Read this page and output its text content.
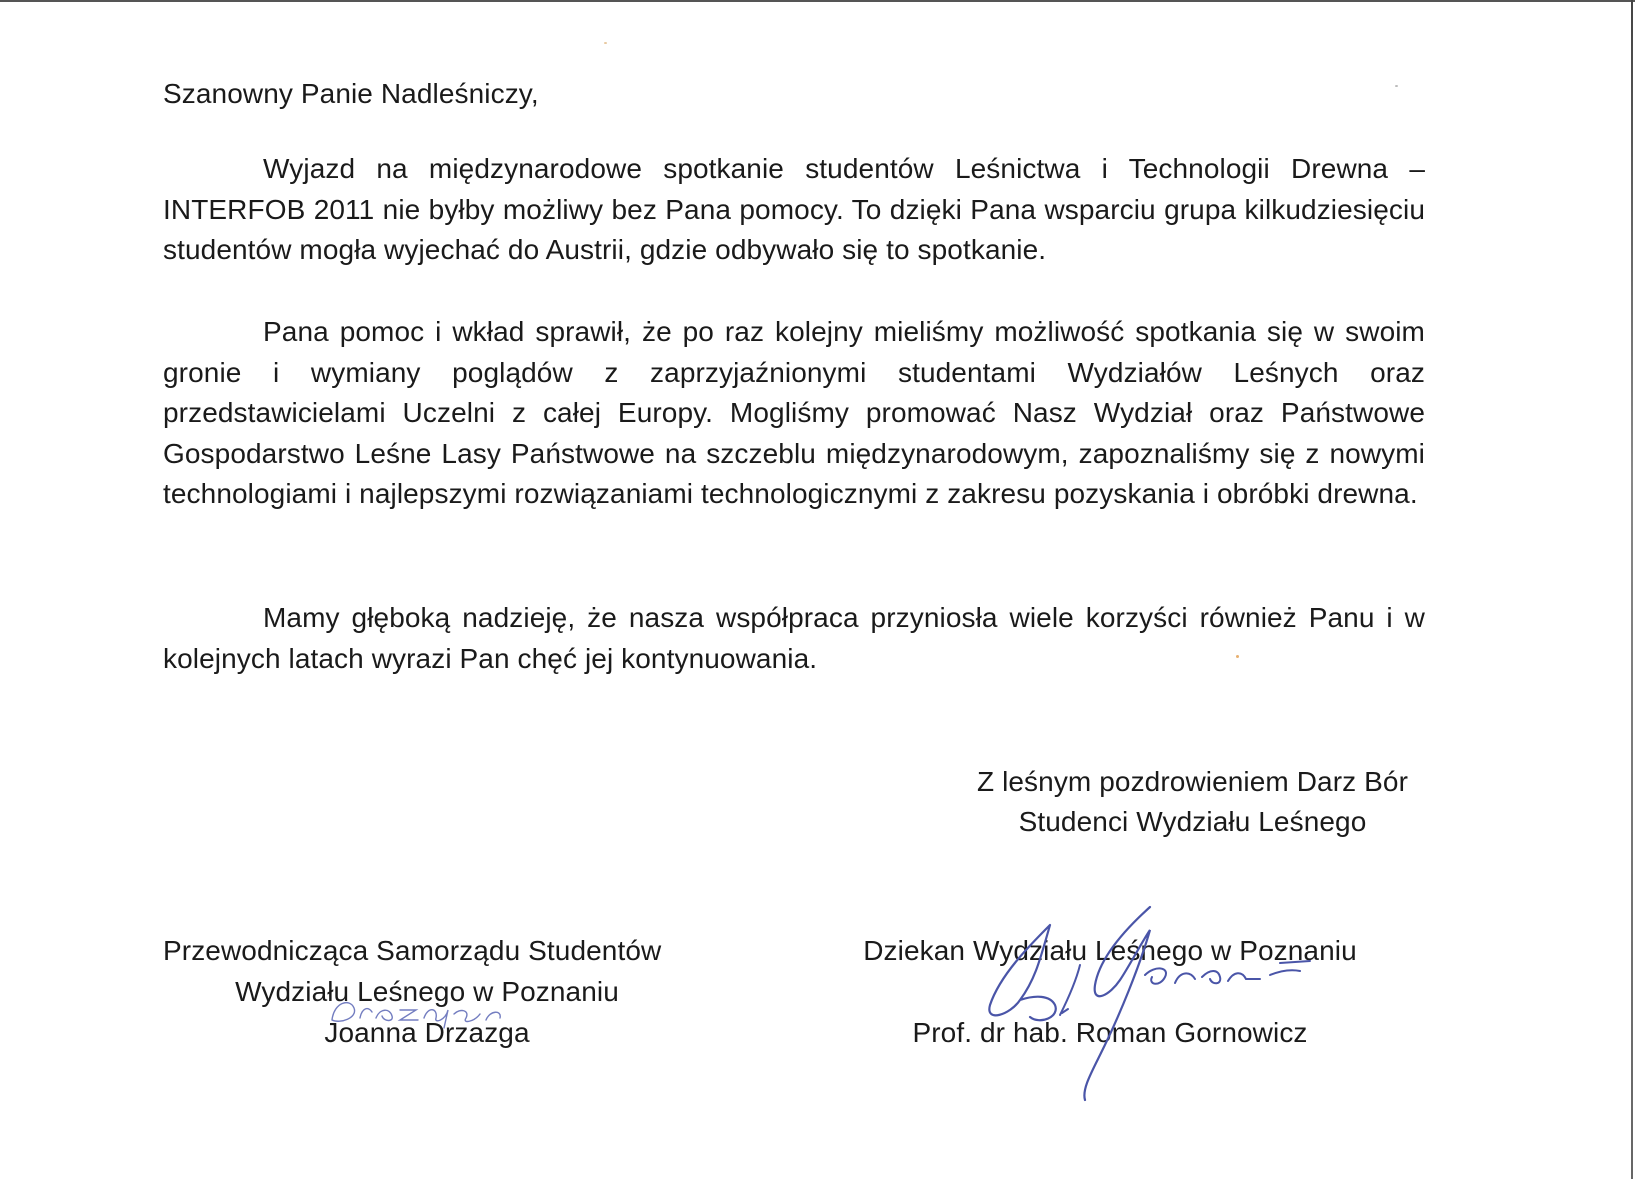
Szanowny Panie Nadleśniczy,

Wyjazd na międzynarodowe spotkanie studentów Leśnictwa i Technologii Drewna – INTERFOB 2011 nie byłby możliwy bez Pana pomocy. To dzięki Pana wsparciu grupa kilkudziesięciu studentów mogła wyjechać do Austrii, gdzie odbywało się to spotkanie.

Pana pomoc i wkład sprawił, że po raz kolejny mieliśmy możliwość spotkania się w swoim gronie i wymiany poglądów z zaprzyjaźnionymi studentami Wydziałów Leśnych oraz przedstawicielami Uczelni z całej Europy. Mogliśmy promować Nasz Wydział oraz Państwowe Gospodarstwo Leśne Lasy Państwowe na szczeblu międzynarodowym, zapoznaliśmy się z nowymi technologiami i najlepszymi rozwiązaniami technologicznymi z zakresu pozyskania i obróbki drewna.

Mamy głęboką nadzieję, że nasza współpraca przyniosła wiele korzyści również Panu i w kolejnych latach wyrazi Pan chęć jej kontynuowania.

Z leśnym pozdrowieniem Darz Bór
Studenci Wydziału Leśnego
Przewodnicząca Samorządu Studentów
Wydziału Leśnego w Poznaniu
Joanna Drzazga
Dziekan Wydziału Leśnego w Poznaniu
Prof. dr hab. Roman Gornowicz
